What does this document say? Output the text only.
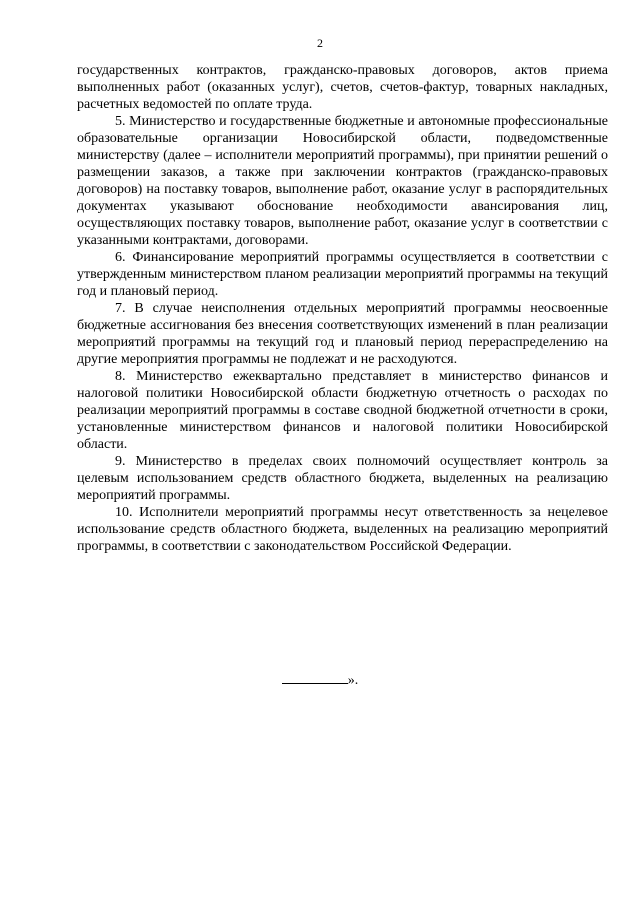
2

государственных контрактов, гражданско-правовых договоров, актов приема выполненных работ (оказанных услуг), счетов, счетов-фактур, товарных накладных, расчетных ведомостей по оплате труда.

5. Министерство и государственные бюджетные и автономные профессиональные образовательные организации Новосибирской области, подведомственные министерству (далее – исполнители мероприятий программы), при принятии решений о размещении заказов, а также при заключении контрактов (гражданско-правовых договоров) на поставку товаров, выполнение работ, оказание услуг в распорядительных документах указывают обоснование необходимости авансирования лиц, осуществляющих поставку товаров, выполнение работ, оказание услуг в соответствии с указанными контрактами, договорами.

6. Финансирование мероприятий программы осуществляется в соответствии с утвержденным министерством планом реализации мероприятий программы на текущий год и плановый период.

7. В случае неисполнения отдельных мероприятий программы неосвоенные бюджетные ассигнования без внесения соответствующих изменений в план реализации мероприятий программы на текущий год и плановый период перераспределению на другие мероприятия программы не подлежат и не расходуются.

8. Министерство ежеквартально представляет в министерство финансов и налоговой политики Новосибирской области бюджетную отчетность о расходах по реализации мероприятий программы в составе сводной бюджетной отчетности в сроки, установленные министерством финансов и налоговой политики Новосибирской области.

9. Министерство в пределах своих полномочий осуществляет контроль за целевым использованием средств областного бюджета, выделенных на реализацию мероприятий программы.

10. Исполнители мероприятий программы несут ответственность за нецелевое использование средств областного бюджета, выделенных на реализацию мероприятий программы, в соответствии с законодательством Российской Федерации.

».
